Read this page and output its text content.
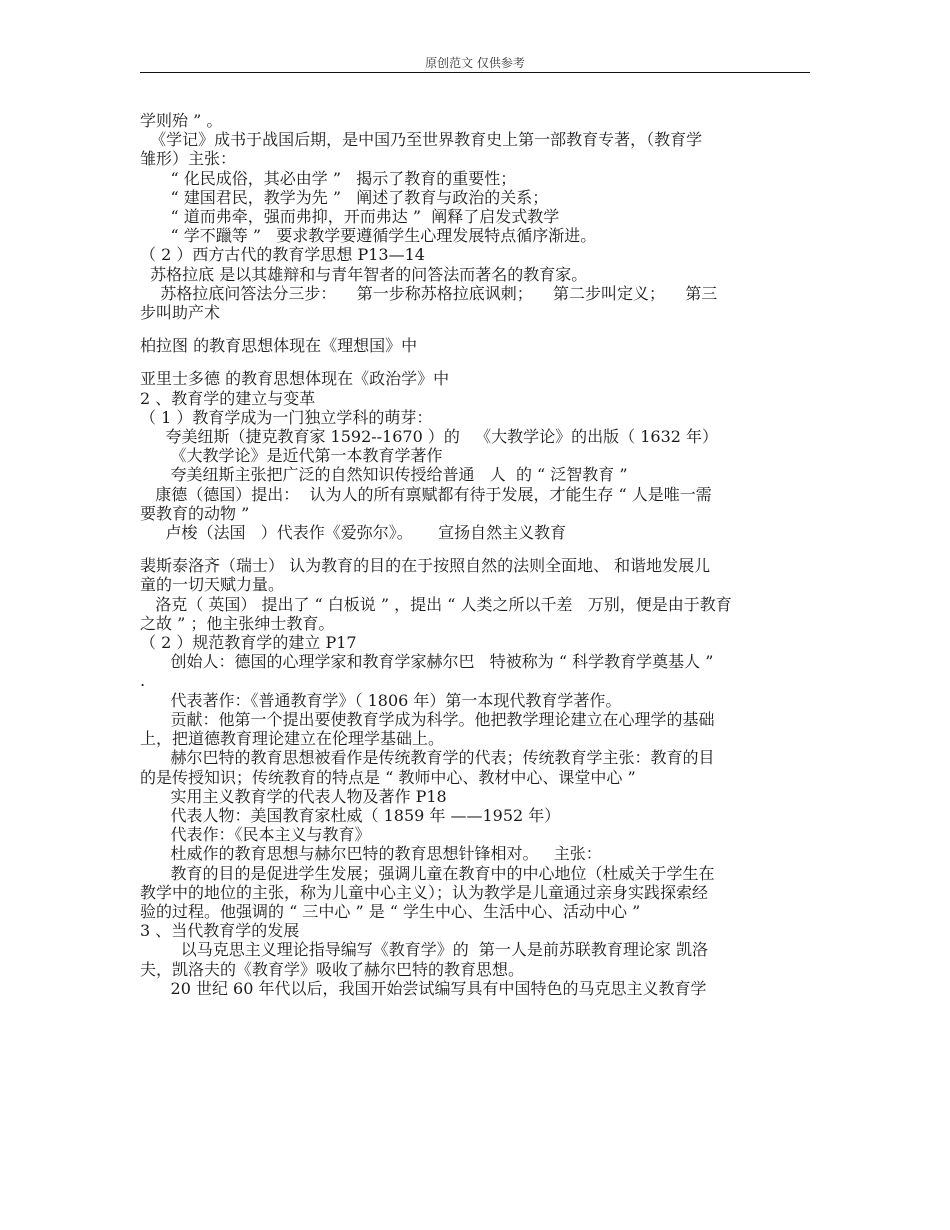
原创范文 仅供参考

学则殆 ” 。

《学记》成书于战国后期，是中国乃至世界教育史上第一部教育专著，（教育学

雏形）主张：

“ 化民成俗，其必由学 ”   揭示了教育的重要性；

“ 建国君民，教学为先 ”   阐述了教育与政治的关系；

“ 道而弗牵，强而弗抑，开而弗达 ”  阐释了启发式教学

“ 学不躐等 ”   要求教学要遵循学生心理发展特点循序渐进。

（ 2 ）西方古代的教育学思想 P13—14

苏格拉底 是以其雄辩和与青年智者的问答法而著名的教育家。

苏格拉底问答法分三步：    第一步称苏格拉底讽刺；    第二步叫定义；    第三

步叫助产术

柏拉图 的教育思想体现在《理想国》中

亚里士多德 的教育思想体现在《政治学》中

2 、教育学的建立与变革

（ 1 ）教育学成为一门独立学科的萌芽：

夸美纽斯（捷克教育家 1592--1670 ）的   《大教学论》的出版（ 1632 年）

《大教学论》是近代第一本教育学著作

夸美纽斯主张把广泛的自然知识传授给普通   人  的 “ 泛智教育 ”

康德（德国）提出：  认为人的所有禀赋都有待于发展，才能生存 “ 人是唯一需

要教育的动物 ”

卢梭（法国   ）代表作《爱弥尔》。     宣扬自然主义教育

裴斯泰洛齐（瑞士） 认为教育的目的在于按照自然的法则全面地、 和谐地发展儿

童的一切天赋力量。

洛克（ 英国） 提出了 “ 白板说 ” ，提出 “ 人类之所以千差   万别，便是由于教育

之故 ” ；他主张绅士教育。

（ 2 ）规范教育学的建立 P17

创始人：德国的心理学家和教育学家赫尔巴   特被称为 “ 科学教育学奠基人 ”

.

代表著作：《普通教育学》（ 1806 年）第一本现代教育学著作。

贡献：他第一个提出要使教育学成为科学。他把教学理论建立在心理学的基础

上，把道德教育理论建立在伦理学基础上。

赫尔巴特的教育思想被看作是传统教育学的代表；传统教育学主张：教育的目

的是传授知识；传统教育的特点是 “ 教师中心、教材中心、课堂中心 ”

实用主义教育学的代表人物及著作 P18

代表人物：美国教育家杜威（ 1859 年 ——1952 年）

代表作：《民本主义与教育》

杜威作的教育思想与赫尔巴特的教育思想针锋相对。   主张：

教育的目的是促进学生发展；强调儿童在教育中的中心地位（杜威关于学生在

教学中的地位的主张，称为儿童中心主义）；认为教学是儿童通过亲身实践探索经

验的过程。他强调的 “ 三中心 ” 是 “ 学生中心、生活中心、活动中心 ”

3 、当代教育学的发展

以马克思主义理论指导编写《教育学》的  第一人是前苏联教育理论家 凯洛

夫，凯洛夫的《教育学》吸收了赫尔巴特的教育思想。

20 世纪 60 年代以后，我国开始尝试编写具有中国特色的马克思主义教育学
